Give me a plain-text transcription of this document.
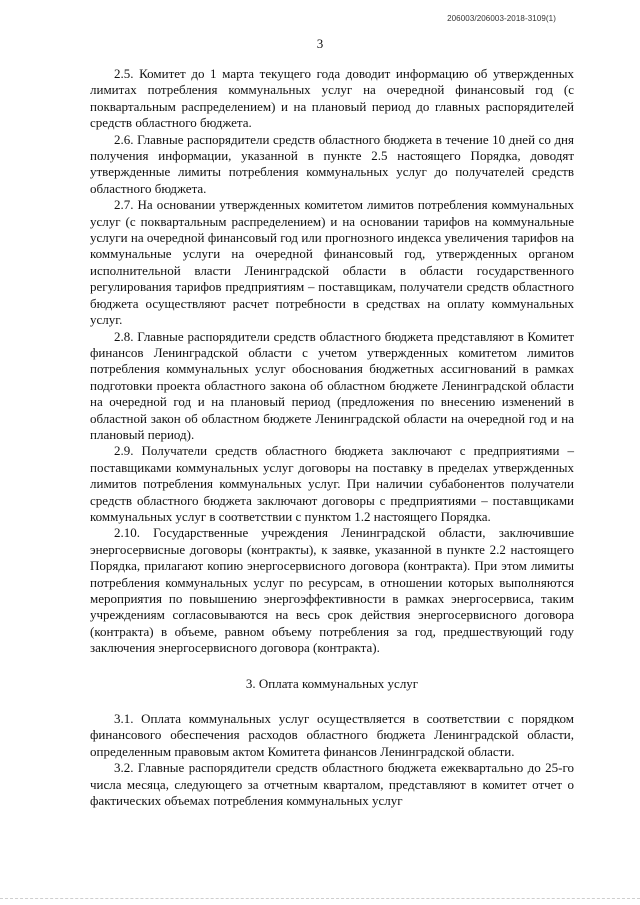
206003/206003-2018-3109(1)
3

2.5. Комитет до 1 марта текущего года доводит информацию об утвержденных лимитах потребления коммунальных услуг на очередной финансовый год (с поквартальным распределением) и на плановый период до главных распорядителей средств областного бюджета.

2.6. Главные распорядители средств областного бюджета в течение 10 дней со дня получения информации, указанной в пункте 2.5 настоящего Порядка, доводят утвержденные лимиты потребления коммунальных услуг до получателей средств областного бюджета.

2.7. На основании утвержденных комитетом лимитов потребления коммунальных услуг (с поквартальным распределением) и на основании тарифов на коммунальные услуги на очередной финансовый год или прогнозного индекса увеличения тарифов на коммунальные услуги на очередной финансовый год, утвержденных органом исполнительной власти Ленинградской области в области государственного регулирования тарифов предприятиям – поставщикам, получатели средств областного бюджета осуществляют расчет потребности в средствах на оплату коммунальных услуг.

2.8. Главные распорядители средств областного бюджета представляют в Комитет финансов Ленинградской области с учетом утвержденных комитетом лимитов потребления коммунальных услуг обоснования бюджетных ассигнований в рамках подготовки проекта областного закона об областном бюджете Ленинградской области на очередной год и на плановый период (предложения по внесению изменений в областной закон об областном бюджете Ленинградской области на очередной год и на плановый период).

2.9. Получатели средств областного бюджета заключают с предприятиями – поставщиками коммунальных услуг договоры на поставку в пределах утвержденных лимитов потребления коммунальных услуг. При наличии субабонентов получатели средств областного бюджета заключают договоры с предприятиями – поставщиками коммунальных услуг в соответствии с пунктом 1.2 настоящего Порядка.

2.10. Государственные учреждения Ленинградской области, заключившие энергосервисные договоры (контракты), к заявке, указанной в пункте 2.2 настоящего Порядка, прилагают копию энергосервисного договора (контракта). При этом лимиты потребления коммунальных услуг по ресурсам, в отношении которых выполняются мероприятия по повышению энергоэффективности в рамках энергосервиса, таким учреждениям согласовываются на весь срок действия энергосервисного договора (контракта) в объеме, равном объему потребления за год, предшествующий году заключения энергосервисного договора (контракта).

3. Оплата коммунальных услуг

3.1. Оплата коммунальных услуг осуществляется в соответствии с порядком финансового обеспечения расходов областного бюджета Ленинградской области, определенным правовым актом Комитета финансов Ленинградской области.

3.2. Главные распорядители средств областного бюджета ежеквартально до 25-го числа месяца, следующего за отчетным кварталом, представляют в комитет отчет о фактических объемах потребления коммунальных услуг
